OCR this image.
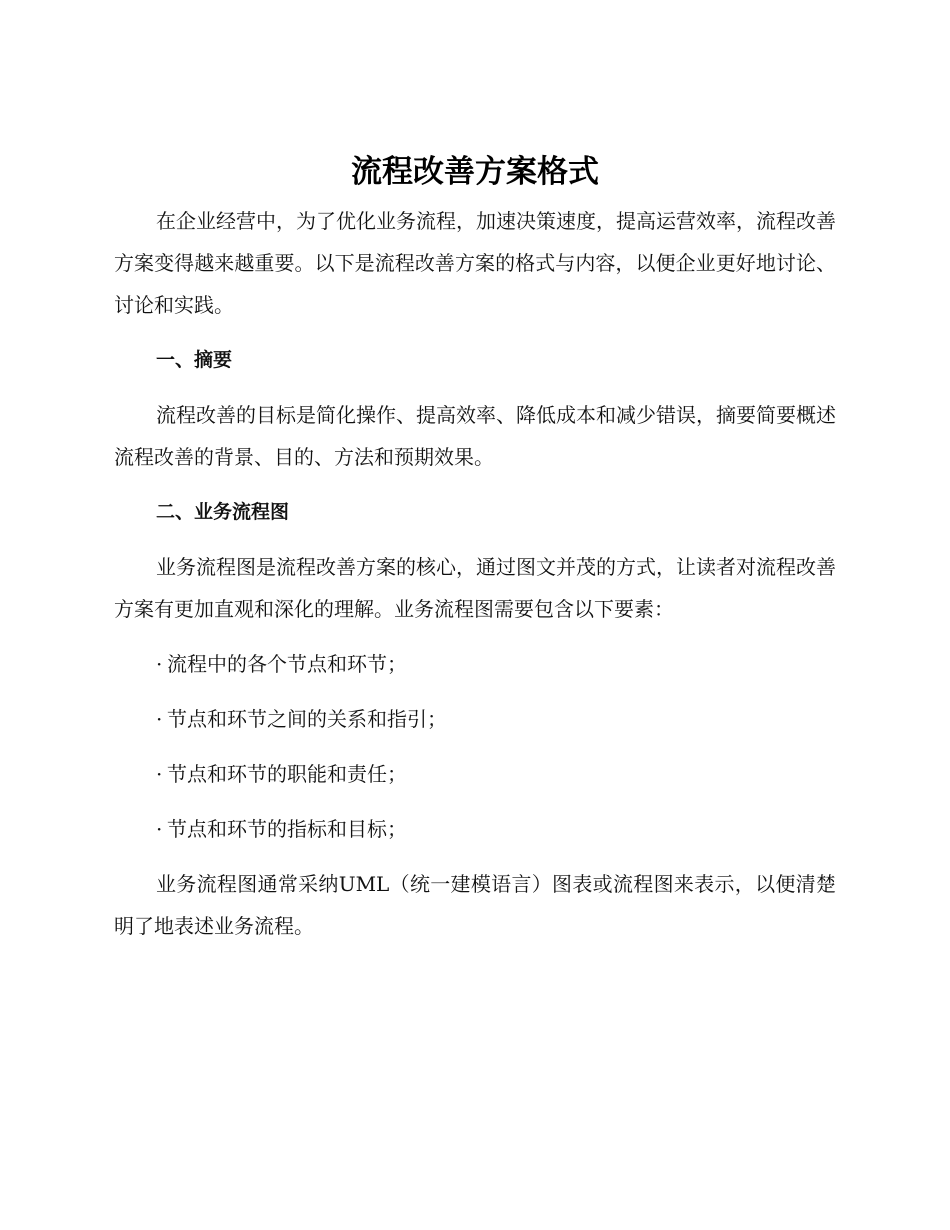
流程改善方案格式

在企业经营中，为了优化业务流程，加速决策速度，提高运营效率，流程改善方案变得越来越重要。以下是流程改善方案的格式与内容，以便企业更好地讨论、讨论和实践。

一、摘要

流程改善的目标是简化操作、提高效率、降低成本和减少错误，摘要简要概述流程改善的背景、目的、方法和预期效果。

二、业务流程图

业务流程图是流程改善方案的核心，通过图文并茂的方式，让读者对流程改善方案有更加直观和深化的理解。业务流程图需要包含以下要素：

· 流程中的各个节点和环节；
· 节点和环节之间的关系和指引；
· 节点和环节的职能和责任；
· 节点和环节的指标和目标；

业务流程图通常采纳UML（统一建模语言）图表或流程图来表示，以便清楚明了地表述业务流程。
